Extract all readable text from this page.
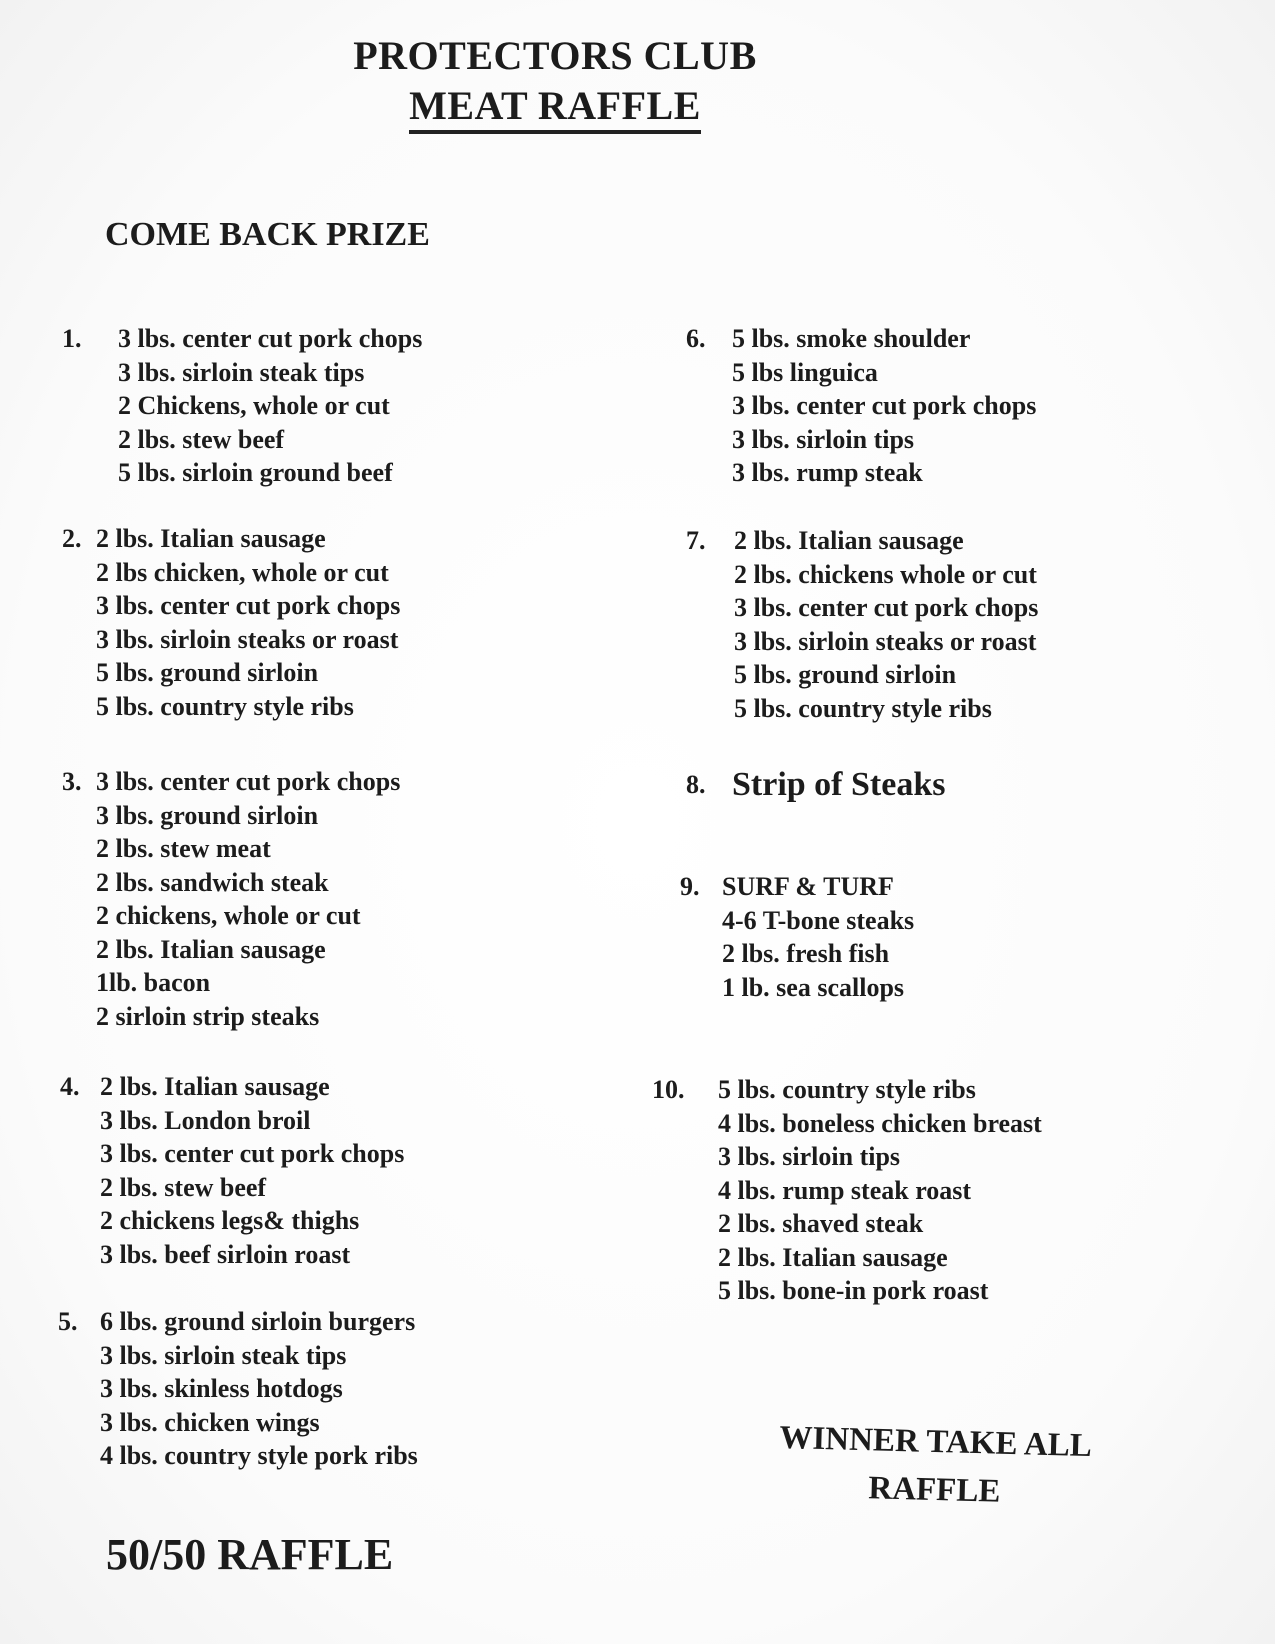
PROTECTORS CLUB
MEAT RAFFLE
COME BACK PRIZE
1. 3 lbs. center cut pork chops
3 lbs. sirloin steak tips
2 Chickens, whole or cut
2 lbs. stew beef
5 lbs. sirloin ground beef
2. 2 lbs. Italian sausage
2 lbs chicken, whole or cut
3 lbs. center cut pork chops
3 lbs. sirloin steaks or roast
5 lbs. ground sirloin
5 lbs. country style ribs
3. 3 lbs. center cut pork chops
3 lbs. ground sirloin
2 lbs. stew meat
2 lbs. sandwich steak
2 chickens, whole or cut
2 lbs. Italian sausage
1lb. bacon
2 sirloin strip steaks
4. 2 lbs. Italian sausage
3 lbs. London broil
3 lbs. center cut pork chops
2 lbs. stew beef
2 chickens legs& thighs
3 lbs. beef sirloin roast
5. 6 lbs. ground sirloin burgers
3 lbs. sirloin steak tips
3 lbs. skinless hotdogs
3 lbs. chicken wings
4 lbs. country style pork ribs
6. 5 lbs. smoke shoulder
5 lbs linguica
3 lbs. center cut pork chops
3 lbs. sirloin tips
3 lbs. rump steak
7. 2 lbs. Italian sausage
2 lbs. chickens whole or cut
3 lbs. center cut pork chops
3 lbs. sirloin steaks or roast
5 lbs. ground sirloin
5 lbs. country style ribs
8. Strip of Steaks
9. SURF & TURF
4-6 T-bone steaks
2 lbs. fresh fish
1 lb. sea scallops
10. 5 lbs. country style ribs
4 lbs. boneless chicken breast
3 lbs. sirloin tips
4 lbs. rump steak roast
2 lbs. shaved steak
2 lbs. Italian sausage
5 lbs. bone-in pork roast
WINNER TAKE ALL
RAFFLE
50/50 RAFFLE
